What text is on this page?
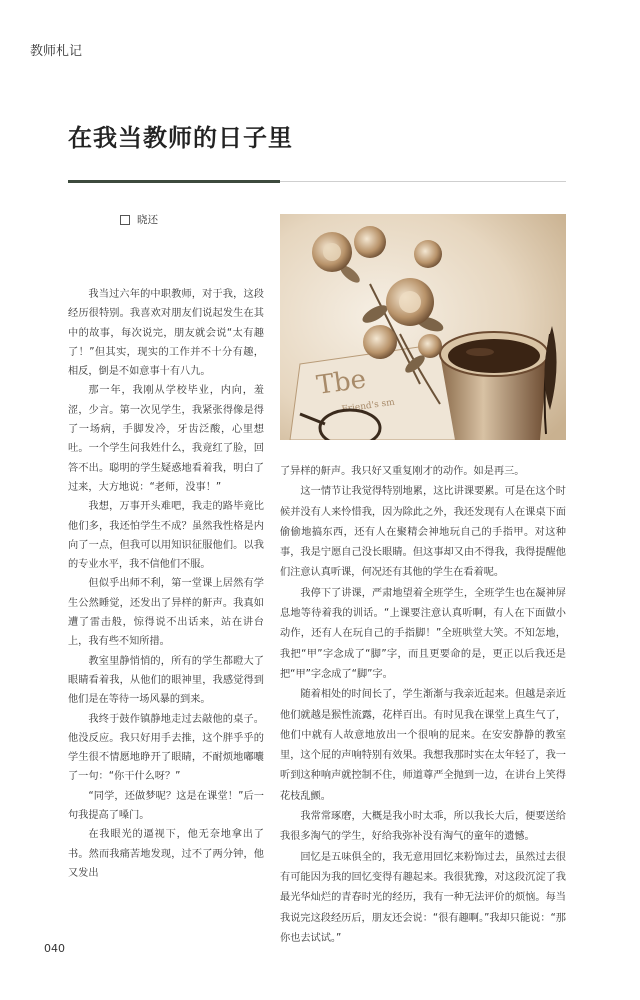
教师札记
在我当教师的日子里
晓还

我当过六年的中职教师，对于我，这段经历很特别。我喜欢对朋友们说起发生在其中的故事，每次说完，朋友就会说“太有趣了！”但其实，现实的工作并不十分有趣，相反，倒是不如意事十有八九。

那一年，我刚从学校毕业，内向，羞涩，少言。第一次见学生，我紧张得像是得了一场病，手脚发冷，牙齿泛酸，心里想吐。一个学生问我姓什么，我竟红了脸，回答不出。聪明的学生疑惑地看着我，明白了过来，大方地说：“老师，没事！”

我想，万事开头难吧，我走的路毕竟比他们多，我还怕学生不成？虽然我性格是内向了一点，但我可以用知识征服他们。以我的专业水平，我不信他们不服。

但似乎出师不利，第一堂课上居然有学生公然睡觉，还发出了异样的鼾声。我真如遭了雷击般，惊得说不出话来，站在讲台上，我有些不知所措。

教室里静悄悄的，所有的学生都瞪大了眼睛看着我，从他们的眼神里，我感觉得到他们是在等待一场风暴的到来。

我终于鼓作镇静地走过去敲他的桌子。他没反应。我只好用手去推，这个胖乎乎的学生很不情愿地睁开了眼睛，不耐烦地嘟囔了一句：“你干什么呀？”

“同学，还做梦呢？这是在课堂！”后一句我提高了嗓门。

在我眼光的逼视下，他无奈地拿出了书。然而我痛苦地发现，过不了两分钟，他又发出

Tbe
Friend's sm

了异样的鼾声。我只好又重复刚才的动作。如是再三。

这一情节让我觉得特别地累，这比讲课要累。可是在这个时候并没有人来怜惜我，因为除此之外，我还发现有人在课桌下面偷偷地搞东西，还有人在聚精会神地玩自己的手指甲。对这种事，我是宁愿自己没长眼睛。但这事却又由不得我，我得提醒他们注意认真听课，何况还有其他的学生在看着呢。

我停下了讲课，严肃地望着全班学生，全班学生也在凝神屏息地等待着我的训话。“上课要注意认真听啊，有人在下面做小动作，还有人在玩自己的手指脚！”全班哄堂大笑。不知怎地，我把“甲”字念成了“脚”字，而且更要命的是，更正以后我还是把“甲”字念成了“脚”字。

随着相处的时间长了，学生渐渐与我亲近起来。但越是亲近他们就越是猴性流露，花样百出。有时见我在课堂上真生气了，他们中就有人故意地放出一个很响的屁来。在安安静静的教室里，这个屁的声响特别有效果。我想我那时实在太年轻了，我一听到这种响声就控制不住，师道尊严全抛到一边，在讲台上笑得花枝乱颤。

我常常琢磨，大概是我小时太乖，所以我长大后，便要送给我很多淘气的学生，好给我弥补没有淘气的童年的遗憾。

回忆是五味俱全的，我无意用回忆来粉饰过去，虽然过去很有可能因为我的回忆变得有趣起来。我很犹豫，对这段沉淀了我最光华灿烂的青春时光的经历，我有一种无法评价的烦恼。每当我说完这段经历后，朋友还会说：“很有趣啊。”我却只能说：“那你也去试试。”

040
